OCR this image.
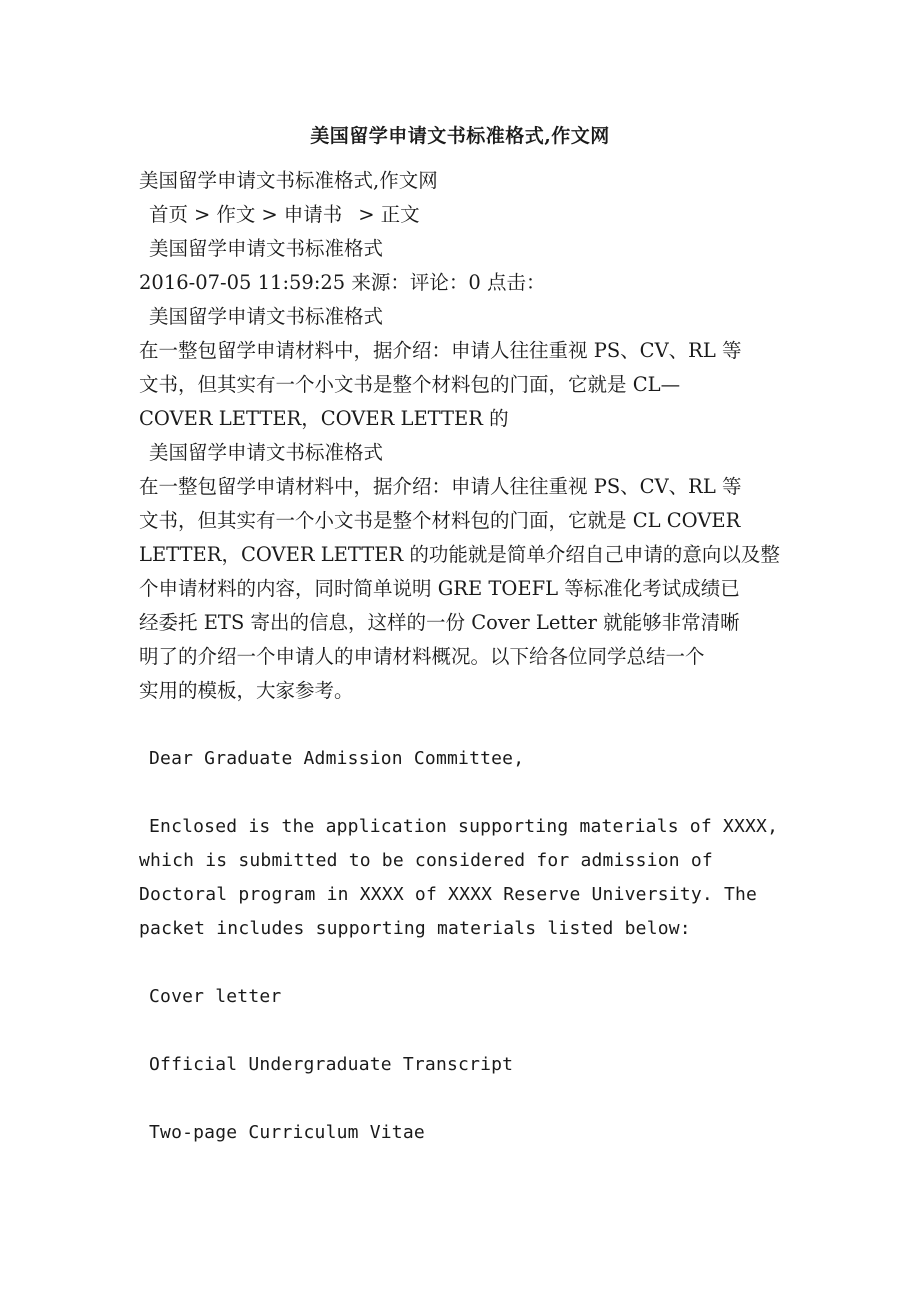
美国留学申请文书标准格式,作文网
美国留学申请文书标准格式,作文网
首页 > 作文 > 申请书 > 正文
美国留学申请文书标准格式
2016-07-05 11:59:25 来源：评论：0 点击：
美国留学申请文书标准格式
在一整包留学申请材料中，据介绍：申请人往往重视 PS、CV、RL 等
文书，但其实有一个小文书是整个材料包的门面，它就是 CL—
COVER LETTER，COVER LETTER 的
美国留学申请文书标准格式
在一整包留学申请材料中，据介绍：申请人往往重视 PS、CV、RL 等
文书，但其实有一个小文书是整个材料包的门面，它就是 CL COVER
LETTER，COVER LETTER 的功能就是简单介绍自己申请的意向以及整
个申请材料的内容，同时简单说明 GRE TOEFL 等标准化考试成绩已
经委托 ETS 寄出的信息，这样的一份 Cover Letter 就能够非常清晰
明了的介绍一个申请人的申请材料概况。以下给各位同学总结一个
实用的模板，大家参考。
Dear Graduate Admission Committee,
Enclosed is the application supporting materials of XXXX,
which is submitted to be considered for admission of
Doctoral program in XXXX of XXXX Reserve University. The
packet includes supporting materials listed below:
Cover letter
Official Undergraduate Transcript
Two-page Curriculum Vitae
